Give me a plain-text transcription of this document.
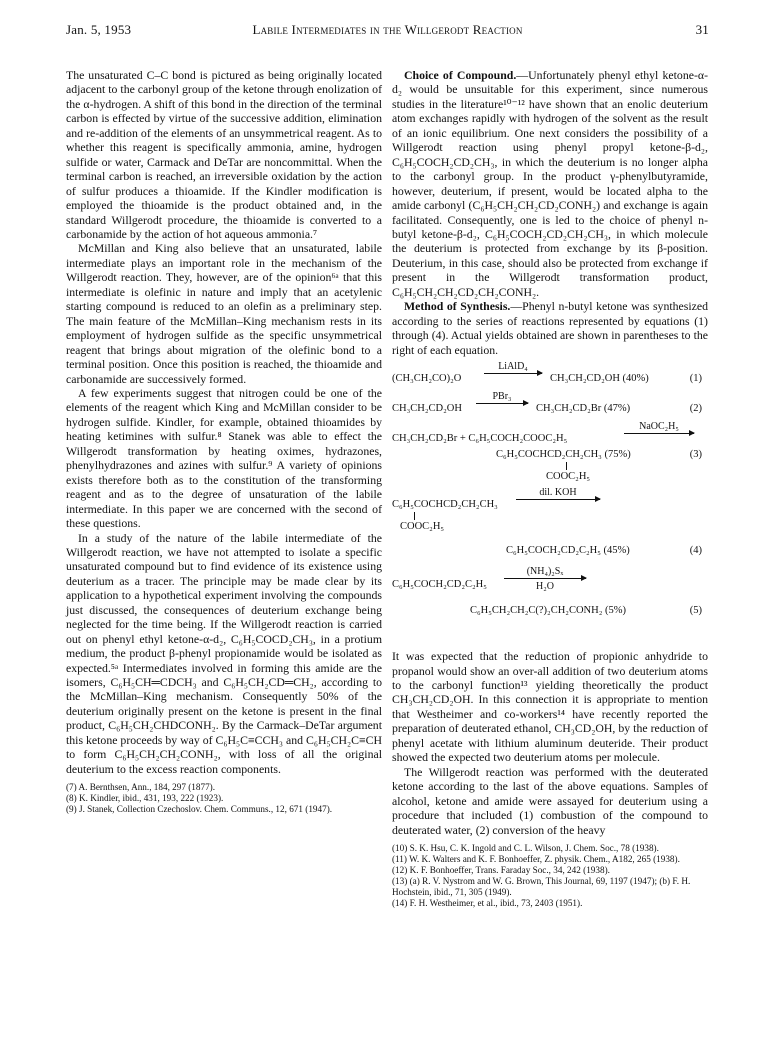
Jan. 5, 1953	Labile Intermediates in the Willgerodt Reaction	31

The unsaturated C–C bond is pictured as being originally located adjacent to the carbonyl group of the ketone through enolization of the α-hydrogen. A shift of this bond in the direction of the terminal carbon is effected by virtue of the successive addition, elimination and re-addition of the elements of an unsymmetrical reagent. As to whether this reagent is specifically ammonia, amine, hydrogen sulfide or water, Carmack and DeTar are noncommittal. When the terminal carbon is reached, an irreversible oxidation by the action of sulfur produces a thioamide. If the Kindler modification is employed the thioamide is the product obtained and, in the standard Willgerodt procedure, the thioamide is converted to a carbonamide by the action of hot aqueous ammonia.⁷

McMillan and King also believe that an unsaturated, labile intermediate plays an important role in the mechanism of the Willgerodt reaction. They, however, are of the opinion⁶ᵃ that this intermediate is olefinic in nature and imply that an acetylenic starting compound is reduced to an olefin as a preliminary step. The main feature of the McMillan–King mechanism rests in its employment of hydrogen sulfide as the specific unsymmetrical reagent that brings about migration of the olefinic bond to a terminal position. Once this position is reached, the thioamide and carbonamide are successively formed.

A few experiments suggest that nitrogen could be one of the elements of the reagent which King and McMillan consider to be hydrogen sulfide. Kindler, for example, obtained thioamides by heating ketimines with sulfur.⁸ Stanek was able to effect the Willgerodt transformation by heating oximes, hydrazones, phenylhydrazones and azines with sulfur.⁹ A variety of opinions exists therefore both as to the constitution of the transforming reagent and as to the degree of unsaturation of the labile intermediate. In this paper we are concerned with the second of these questions.

In a study of the nature of the labile intermediate of the Willgerodt reaction, we have not attempted to isolate a specific unsaturated compound but to find evidence of its existence using deuterium as a tracer. The principle may be made clear by its application to a hypothetical experiment involving the compounds just discussed, the consequences of deuterium exchange being neglected for the time being. If the Willgerodt reaction is carried out on phenyl ethyl ketone-α-d₂, C₆H₅COCD₂CH₃, in a protium medium, the product β-phenyl propionamide would be isolated as expected.⁵ᵃ Intermediates involved in forming this amide are the isomers, C₆H₅CH═CDCH₃ and C₆H₅CH₂CD═CH₂, according to the McMillan–King mechanism. Consequently 50% of the deuterium originally present on the ketone is present in the final product, C₆H₅CH₂CHDCONH₂. By the Carmack–DeTar argument this ketone proceeds by way of C₆H₅C≡CCH₃ and C₆H₅CH₂C≡CH to form C₆H₅CH₂CH₂CONH₂, with loss of all the original deuterium to the excess reaction components.

(7) A. Bernthsen, Ann., 184, 297 (1877).

(8) K. Kindler, ibid., 431, 193, 222 (1923).

(9) J. Stanek, Collection Czechoslov. Chem. Communs., 12, 671 (1947).

Choice of Compound.—Unfortunately phenyl ethyl ketone-α-d₂ would be unsuitable for this experiment, since numerous studies in the literature¹⁰⁻¹² have shown that an enolic deuterium atom exchanges rapidly with hydrogen of the solvent as the result of an ionic equilibrium. One next considers the possibility of a Willgerodt reaction using phenyl propyl ketone-β-d₂, C₆H₅COCH₂CD₂CH₃, in which the deuterium is no longer alpha to the carbonyl group. In the product γ-phenylbutyramide, however, deuterium, if present, would be located alpha to the amide carbonyl (C₆H₅CH₂CH₂CD₂CONH₂) and exchange is again facilitated. Consequently, one is led to the choice of phenyl n-butyl ketone-β-d₂, C₆H₅COCH₂CD₂CH₂CH₃, in which molecule the deuterium is protected from exchange by its β-position. Deuterium, in this case, should also be protected from exchange if present in the Willgerodt transformation product, C₆H₅CH₂CH₂CD₂CH₂CONH₂.

Method of Synthesis.—Phenyl n-butyl ketone was synthesized according to the series of reactions represented by equations (1) through (4). Actual yields obtained are shown in parentheses to the right of each equation.

(CH₃CH₂CO)₂O
LiAlD₄
CH₃CH₂CD₂OH (40%)	(1)
CH₃CH₂CD₂OH
PBr₃
CH₃CH₂CD₂Br (47%)	(2)
CH₃CH₂CD₂Br + C₆H₅COCH₂COOC₂H₅
NaOC₂H₅
C₆H₅COCHCD₂CH₂CH₃ (75%)	(3)
COOC₂H₅
C₆H₅COCHCD₂CH₂CH₃
dil. KOH
COOC₂H₅
C₆H₅COCH₂CD₂C₂H₅ (45%)	(4)
C₆H₅COCH₂CD₂C₂H₅
(NH₄)₂Sₓ
H₂O
C₆H₅CH₂CH₂C(?)₂CH₂CONH₂ (5%)	(5)

It was expected that the reduction of propionic anhydride to propanol would show an over-all addition of two deuterium atoms to the carbonyl function¹³ yielding theoretically the product CH₃CH₂CD₂OH. In this connection it is appropriate to mention that Westheimer and co-workers¹⁴ have recently reported the preparation of deuterated ethanol, CH₃CD₂OH, by the reduction of phenyl acetate with lithium aluminum deuteride. Their product showed the expected two deuterium atoms per molecule.

The Willgerodt reaction was performed with the deuterated ketone according to the last of the above equations. Samples of alcohol, ketone and amide were assayed for deuterium using a procedure that included (1) combustion of the compound to deuterated water, (2) conversion of the heavy

(10) S. K. Hsu, C. K. Ingold and C. L. Wilson, J. Chem. Soc., 78 (1938).

(11) W. K. Walters and K. F. Bonhoeffer, Z. physik. Chem., A182, 265 (1938).

(12) K. F. Bonhoeffer, Trans. Faraday Soc., 34, 242 (1938).

(13) (a) R. V. Nystrom and W. G. Brown, This Journal, 69, 1197 (1947); (b) F. H. Hochstein, ibid., 71, 305 (1949).

(14) F. H. Westheimer, et al., ibid., 73, 2403 (1951).
